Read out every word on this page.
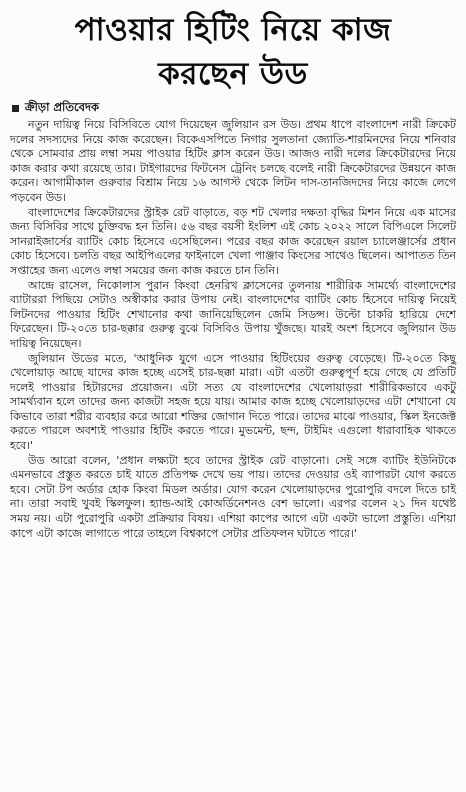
পাওয়ার হিটিং নিয়ে কাজ
করছেন উড
ক্রীড়া প্রতিবেদক

নতুন দায়িত্ব নিয়ে বিসিবিতে যোগ দিয়েছেন জুলিয়ান রস উড। প্রথম ধাপে বাংলাদেশ নারী ক্রিকেট দলের সদস্যদের নিয়ে কাজ করেছেন। বিকেএসপিতে নিগার সুলতানা জ্যোতি-শারমিনদের নিয়ে শনিবার থেকে সোমবার প্রায় লম্বা সময় পাওয়ার হিটিং ক্লাস করেন উড। আজও নারী দলের ক্রিকেটারদের নিয়ে কাজ করার কথা রয়েছে তার। টাইগারদের ফিটনেস ট্রেনিং চলছে বলেই নারী ক্রিকেটারদের উন্নয়নে কাজ করেন। আগামীকাল গুরুবার বিশ্রাম নিয়ে ১৬ আগস্ট থেকে লিটন দাস-তানজিদদের নিয়ে কাজে লেগে পড়বেন উড।

বাংলাদেশের ক্রিকেটারদের স্ট্রাইক রেট বাড়াতে, বড় শট খেলার দক্ষতা বৃদ্ধির মিশন নিয়ে এক মাসের জন্য বিসিবির সাথে চুক্তিবদ্ধ হন তিনি। ৫৬ বছর বয়সী ইংলিশ এই কোচ ২০২২ সালে বিপিএলে সিলেট সানরাইজার্সের ব্যাটিং কোচ হিসেবে এসেছিলেন। পরের বছর কাজ করেছেন রয়াল চ্যালেঞ্জার্সের প্রধান কোচ হিসেবে। চলতি বছর আইপিএলের ফাইনালে খেলা পাঞ্জাব কিংসের সাথেও ছিলেন। আপাতত তিন সপ্তাহের জন্য এলেও লম্বা সময়ের জন্য কাজ করতে চান তিনি।

আন্দ্রে রাসেল, নিকোলাস পুরান কিংবা হেনরিখ ক্লাসেনের তুলনায় শারীরিক সামর্থ্যে বাংলাদেশের ব্যাটাররা পিছিয়ে সেটাও অস্বীকার করার উপায় নেই। বাংলাদেশের ব্যাটিং কোচ হিসেবে দায়িত্ব নিয়েই লিটনদের পাওয়ার হিটিং শেখানোর কথা জানিয়েছিলেন জেমি সিডন্স। উল্টো চাকরি হারিয়ে দেশে ফিরেছেন। টি-২০তে চার-ছক্কার গুরুত্ব বুঝে বিসিবিও উপায় খুঁজছে। যারই অংশ হিসেবে জুলিয়ান উড দায়িত্ব নিয়েছেন।

জুলিয়ান উডের মতে, 'আধুনিক যুগে এসে পাওয়ার হিটিংয়ের গুরুত্ব বেড়েছে। টি-২০তে কিছু খেলোয়াড় আছে যাদের কাজ হচ্ছে এসেই চার-ছক্কা মারা। এটা এতটা গুরুত্বপূর্ণ হয়ে গেছে যে প্রতিটি দলেই পাওয়ার হিটারদের প্রয়োজন। এটা সত্য যে বাংলাদেশের খেলোয়াড়রা শারীরিকভাবে একটু সামর্থ্যবান হলে তাদের জন্য কাজটা সহজ হয়ে যায়। আমার কাজ হচ্ছে খেলোয়াড়দের এটা শেখানো যে কিভাবে তারা শরীর ব্যবহার করে আরো শক্তির জোগান দিতে পারে। তাদের মাঝে পাওয়ার, স্কিল ইনজেক্ট করতে পারলে অবশ্যই পাওয়ার হিটিং করতে পারে। মুভমেন্ট, ছন্দ, টাইমিং এগুলো ধারাবাহিক থাকতে হবে।'

উড আরো বলেন, 'প্রধান লক্ষ্যটা হবে তাদের স্ট্রাইক রেট বাড়ানো। সেই সঙ্গে ব্যাটিং ইউনিটকে এমনভাবে প্রস্তুত করতে চাই যাতে প্রতিপক্ষ দেখে ভয় পায়। তাদের দেওয়ার ওই ব্যাপারটা যোগ করতে হবে। সেটা টপ অর্ডার হোক কিংবা মিডল অর্ডার। যোগ করেন খেলোয়াড়দের পুরোপুরি বদলে দিতে চাই না। তারা সবাই খুবই স্কিলফুল। হ্যান্ড-আই কোঅর্ডিনেশনও বেশ ভালো। এরপর বলেন ২১ দিন যথেষ্ট সময় নয়। এটা পুরোপুরি একটা প্রক্রিয়ার বিষয়। এশিয়া কাপের আগে এটা একটা ভালো প্রস্তুতি। এশিয়া কাপে এটা কাজে লাগাতে পারে তাহলে বিশ্বকাপে সেটার প্রতিফলন ঘটাতে পারে।'
